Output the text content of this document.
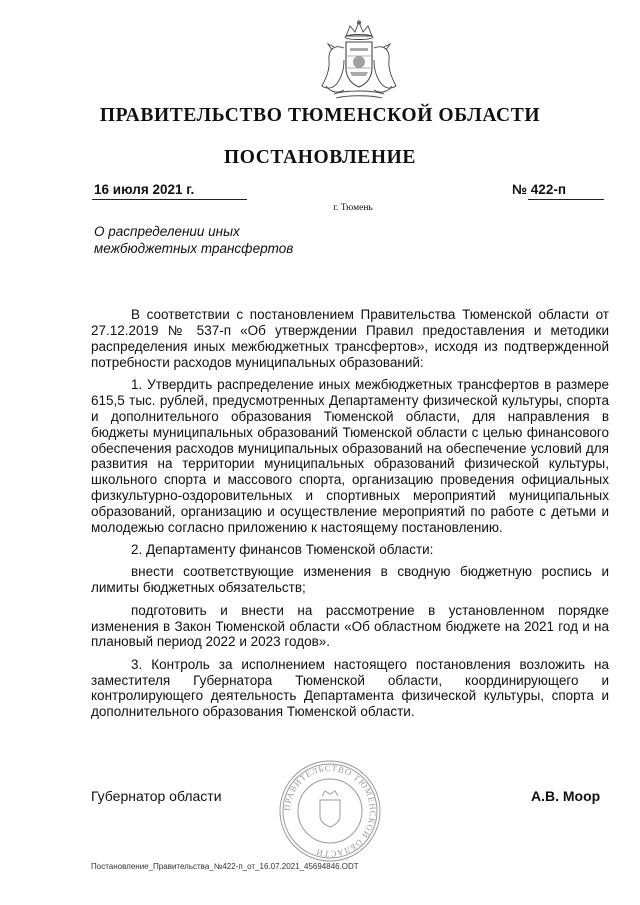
ПРАВИТЕЛЬСТВО ТЮМЕНСКОЙ ОБЛАСТИ
ПОСТАНОВЛЕНИЕ
16 июля 2021 г.	№ 422-п
г. Тюмень
О распределении иных
межбюджетных трансфертов

В соответствии с постановлением Правительства Тюменской области от 27.12.2019 № 537-п «Об утверждении Правил предоставления и методики распределения иных межбюджетных трансфертов», исходя из подтвержденной потребности расходов муниципальных образований:

1. Утвердить распределение иных межбюджетных трансфертов в размере 615,5 тыс. рублей, предусмотренных Департаменту физической культуры, спорта и дополнительного образования Тюменской области, для направления в бюджеты муниципальных образований Тюменской области с целью финансового обеспечения расходов муниципальных образований на обеспечение условий для развития на территории муниципальных образований физической культуры, школьного спорта и массового спорта, организацию проведения официальных физкультурно-оздоровительных и спортивных мероприятий муниципальных образований, организацию и осуществление мероприятий по работе с детьми и молодежью согласно приложению к настоящему постановлению.

2. Департаменту финансов Тюменской области:

внести соответствующие изменения в сводную бюджетную роспись и лимиты бюджетных обязательств;

подготовить и внести на рассмотрение в установленном порядке изменения в Закон Тюменской области «Об областном бюджете на 2021 год и на плановый период 2022 и 2023 годов».

3. Контроль за исполнением настоящего постановления возложить на заместителя Губернатора Тюменской области, координирующего и контролирующего деятельность Департамента физической культуры, спорта и дополнительного образования Тюменской области.

ПРАВИТЕЛЬСТВО ТЮМЕНСКОЙ ОБЛАСТИ
Губернатор области	А.В. Моор
Постановление_Правительства_№422-п_от_16.07.2021_45694846.ODT
